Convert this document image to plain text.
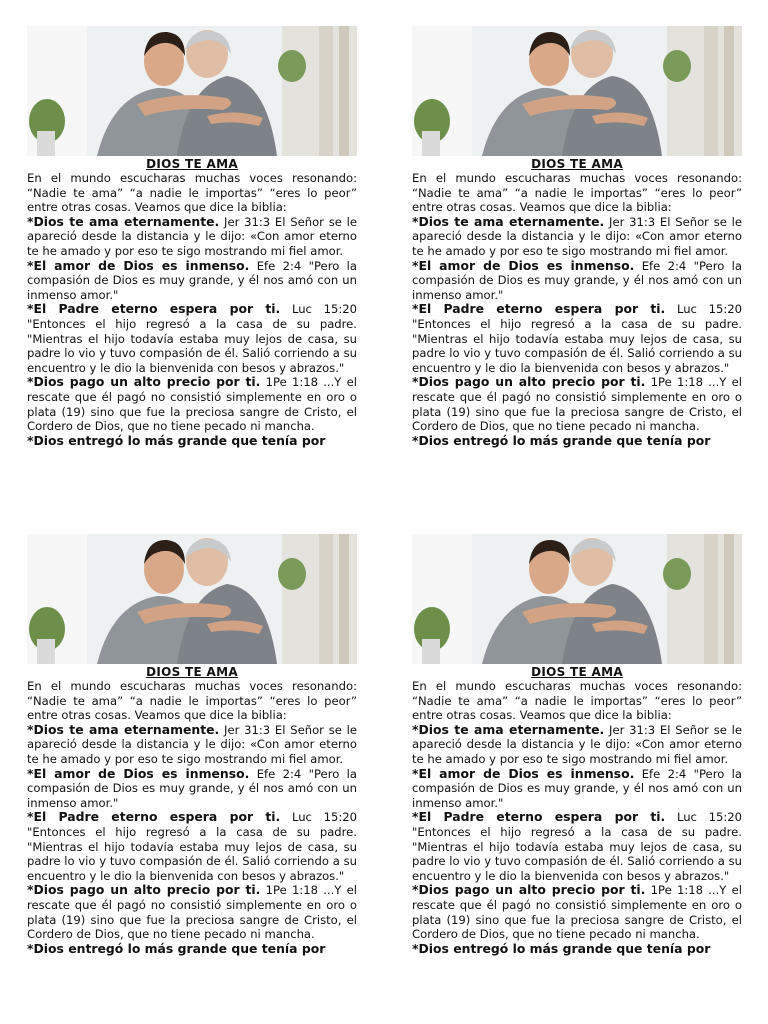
DIOS TE AMA

En el mundo escucharas muchas voces resonando: “Nadie te ama” “a nadie le importas” “eres lo peor” entre otras cosas. Veamos que dice la biblia:

*Dios te ama eternamente. Jer 31:3 El Señor se le apareció desde la distancia y le dijo: «Con amor eterno te he amado y por eso te sigo mostrando mi fiel amor.

*El amor de Dios es inmenso. Efe 2:4 "Pero la compasión de Dios es muy grande, y él nos amó con un inmenso amor."

*El Padre eterno espera por ti. Luc 15:20 "Entonces el hijo regresó a la casa de su padre. "Mientras el hijo todavía estaba muy lejos de casa, su padre lo vio y tuvo compasión de él. Salió corriendo a su encuentro y le dio la bienvenida con besos y abrazos."

*Dios pago un alto precio por ti. 1Pe 1:18 ...Y el rescate que él pagó no consistió simplemente en oro o plata (19) sino que fue la preciosa sangre de Cristo, el Cordero de Dios, que no tiene pecado ni mancha.

*Dios entregó lo más grande que tenía por

DIOS TE AMA

En el mundo escucharas muchas voces resonando: “Nadie te ama” “a nadie le importas” “eres lo peor” entre otras cosas. Veamos que dice la biblia:

*Dios te ama eternamente. Jer 31:3 El Señor se le apareció desde la distancia y le dijo: «Con amor eterno te he amado y por eso te sigo mostrando mi fiel amor.

*El amor de Dios es inmenso. Efe 2:4 "Pero la compasión de Dios es muy grande, y él nos amó con un inmenso amor."

*El Padre eterno espera por ti. Luc 15:20 "Entonces el hijo regresó a la casa de su padre. "Mientras el hijo todavía estaba muy lejos de casa, su padre lo vio y tuvo compasión de él. Salió corriendo a su encuentro y le dio la bienvenida con besos y abrazos."

*Dios pago un alto precio por ti. 1Pe 1:18 ...Y el rescate que él pagó no consistió simplemente en oro o plata (19) sino que fue la preciosa sangre de Cristo, el Cordero de Dios, que no tiene pecado ni mancha.

*Dios entregó lo más grande que tenía por

DIOS TE AMA

En el mundo escucharas muchas voces resonando: “Nadie te ama” “a nadie le importas” “eres lo peor” entre otras cosas. Veamos que dice la biblia:

*Dios te ama eternamente. Jer 31:3 El Señor se le apareció desde la distancia y le dijo: «Con amor eterno te he amado y por eso te sigo mostrando mi fiel amor.

*El amor de Dios es inmenso. Efe 2:4 "Pero la compasión de Dios es muy grande, y él nos amó con un inmenso amor."

*El Padre eterno espera por ti. Luc 15:20 "Entonces el hijo regresó a la casa de su padre. "Mientras el hijo todavía estaba muy lejos de casa, su padre lo vio y tuvo compasión de él. Salió corriendo a su encuentro y le dio la bienvenida con besos y abrazos."

*Dios pago un alto precio por ti. 1Pe 1:18 ...Y el rescate que él pagó no consistió simplemente en oro o plata (19) sino que fue la preciosa sangre de Cristo, el Cordero de Dios, que no tiene pecado ni mancha.

*Dios entregó lo más grande que tenía por

DIOS TE AMA

En el mundo escucharas muchas voces resonando: “Nadie te ama” “a nadie le importas” “eres lo peor” entre otras cosas. Veamos que dice la biblia:

*Dios te ama eternamente. Jer 31:3 El Señor se le apareció desde la distancia y le dijo: «Con amor eterno te he amado y por eso te sigo mostrando mi fiel amor.

*El amor de Dios es inmenso. Efe 2:4 "Pero la compasión de Dios es muy grande, y él nos amó con un inmenso amor."

*El Padre eterno espera por ti. Luc 15:20 "Entonces el hijo regresó a la casa de su padre. "Mientras el hijo todavía estaba muy lejos de casa, su padre lo vio y tuvo compasión de él. Salió corriendo a su encuentro y le dio la bienvenida con besos y abrazos."

*Dios pago un alto precio por ti. 1Pe 1:18 ...Y el rescate que él pagó no consistió simplemente en oro o plata (19) sino que fue la preciosa sangre de Cristo, el Cordero de Dios, que no tiene pecado ni mancha.

*Dios entregó lo más grande que tenía por
